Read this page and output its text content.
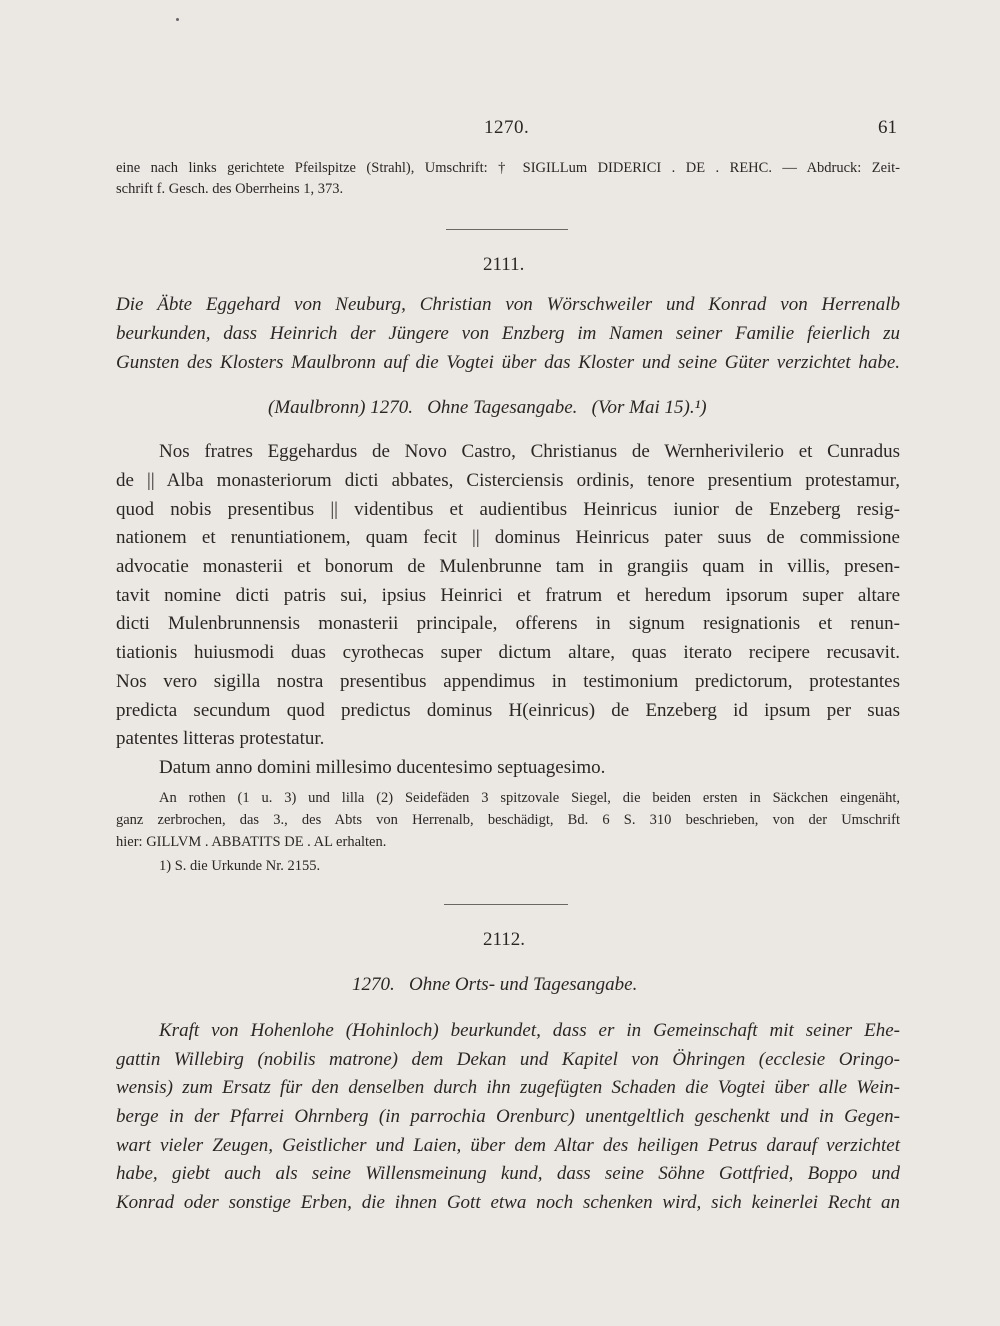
1270.	61
eine nach links gerichtete Pfeilspitze (Strahl), Umschrift: † SIGILLum DIDERICI . DE . REHC. — Abdruck: Zeit-
schrift f. Gesch. des Oberrheins 1, 373.
2111.
Die Äbte Eggehard von Neuburg, Christian von Wörschweiler und Konrad von Herrenalb
beurkunden, dass Heinrich der Jüngere von Enzberg im Namen seiner Familie feierlich zu
Gunsten des Klosters Maulbronn auf die Vogtei über das Kloster und seine Güter verzichtet habe.
(Maulbronn) 1270.   Ohne Tagesangabe.   (Vor Mai 15).¹)
Nos fratres Eggehardus de Novo Castro, Christianus de Wernherivilerio et Cunradus
de || Alba monasteriorum dicti abbates, Cisterciensis ordinis, tenore presentium protestamur,
quod nobis presentibus || videntibus et audientibus Heinricus iunior de Enzeberg resig-
nationem et renuntiationem, quam fecit || dominus Heinricus pater suus de commissione
advocatie monasterii et bonorum de Mulenbrunne tam in grangiis quam in villis, presen-
tavit nomine dicti patris sui, ipsius Heinrici et fratrum et heredum ipsorum super altare
dicti Mulenbrunnensis monasterii principale, offerens in signum resignationis et renun-
tiationis huiusmodi duas cyrothecas super dictum altare, quas iterato recipere recusavit.
Nos vero sigilla nostra presentibus appendimus in testimonium predictorum, protestantes
predicta secundum quod predictus dominus H(einricus) de Enzeberg id ipsum per suas
patentes litteras protestatur.
Datum anno domini millesimo ducentesimo septuagesimo.
An rothen (1 u. 3) und lilla (2) Seidefäden 3 spitzovale Siegel, die beiden ersten in Säckchen eingenäht,
ganz zerbrochen, das 3., des Abts von Herrenalb, beschädigt, Bd. 6 S. 310 beschrieben, von der Umschrift
hier: GILLVM . ABBATITS DE . AL erhalten.
1) S. die Urkunde Nr. 2155.
2112.
1270.   Ohne Orts- und Tagesangabe.
Kraft von Hohenlohe (Hohinloch) beurkundet, dass er in Gemeinschaft mit seiner Ehe-
gattin Willebirg (nobilis matrone) dem Dekan und Kapitel von Öhringen (ecclesie Oringo-
wensis) zum Ersatz für den denselben durch ihn zugefügten Schaden die Vogtei über alle Wein-
berge in der Pfarrei Ohrnberg (in parrochia Orenburc) unentgeltlich geschenkt und in Gegen-
wart vieler Zeugen, Geistlicher und Laien, über dem Altar des heiligen Petrus darauf verzichtet
habe, giebt auch als seine Willensmeinung kund, dass seine Söhne Gottfried, Boppo und
Konrad oder sonstige Erben, die ihnen Gott etwa noch schenken wird, sich keinerlei Recht an
